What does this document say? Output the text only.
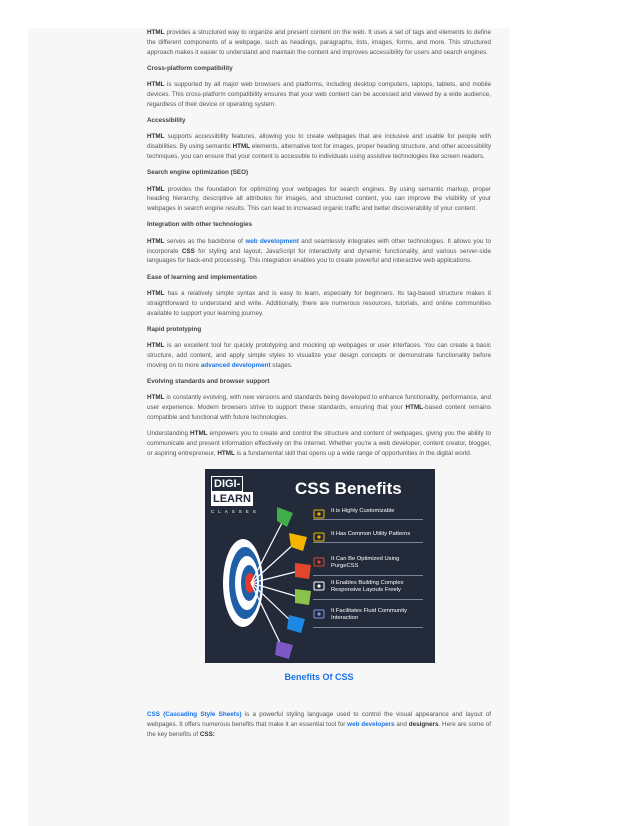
HTML provides a structured way to organize and present content on the web. It uses a set of tags and elements to define the different components of a webpage, such as headings, paragraphs, lists, images, forms, and more. This structured approach makes it easier to understand and maintain the content and improves accessibility for users and search engines.

Cross-platform compatibility

HTML is supported by all major web browsers and platforms, including desktop computers, laptops, tablets, and mobile devices. This cross-platform compatibility ensures that your web content can be accessed and viewed by a wide audience, regardless of their device or operating system.

Accessibility

HTML supports accessibility features, allowing you to create webpages that are inclusive and usable for people with disabilities. By using semantic HTML elements, alternative text for images, proper heading structure, and other accessibility techniques, you can ensure that your content is accessible to individuals using assistive technologies like screen readers.

Search engine optimization (SEO)

HTML provides the foundation for optimizing your webpages for search engines. By using semantic markup, proper heading hierarchy, descriptive alt attributes for images, and structured content, you can improve the visibility of your webpages in search engine results. This can lead to increased organic traffic and better discoverability of your content.

Integration with other technologies

HTML serves as the backbone of web development and seamlessly integrates with other technologies. It allows you to incorporate CSS for styling and layout, JavaScript for interactivity and dynamic functionality, and various server-side languages for back-end processing. This integration enables you to create powerful and interactive web applications.

Ease of learning and implementation

HTML has a relatively simple syntax and is easy to learn, especially for beginners. Its tag-based structure makes it straightforward to understand and write. Additionally, there are numerous resources, tutorials, and online communities available to support your learning journey.

Rapid prototyping

HTML is an excellent tool for quickly prototyping and mocking up webpages or user interfaces. You can create a basic structure, add content, and apply simple styles to visualize your design concepts or demonstrate functionality before moving on to more advanced development stages.

Evolving standards and browser support

HTML is constantly evolving, with new versions and standards being developed to enhance functionality, performance, and user experience. Modern browsers strive to support these standards, ensuring that your HTML-based content remains compatible and functional with future technologies.

Understanding HTML empowers you to create and control the structure and content of webpages, giving you the ability to communicate and present information effectively on the internet. Whether you're a web developer, content creator, blogger, or aspiring entrepreneur, HTML is a fundamental skill that opens up a wide range of opportunities in the digital world.

DIGI-LEARN
CLASSES
CSS Benefits
It is Highly Customizable
It Has Common Utility Patterns
It Can Be Optimized Using PurgeCSS
It Enables Building Complex Responsive Layouts Freely
It Facilitates Fluid Community Interaction
Benefits Of CSS

CSS (Cascading Style Sheets) is a powerful styling language used to control the visual appearance and layout of webpages. It offers numerous benefits that make it an essential tool for web developers and designers. Here are some of the key benefits of CSS:
